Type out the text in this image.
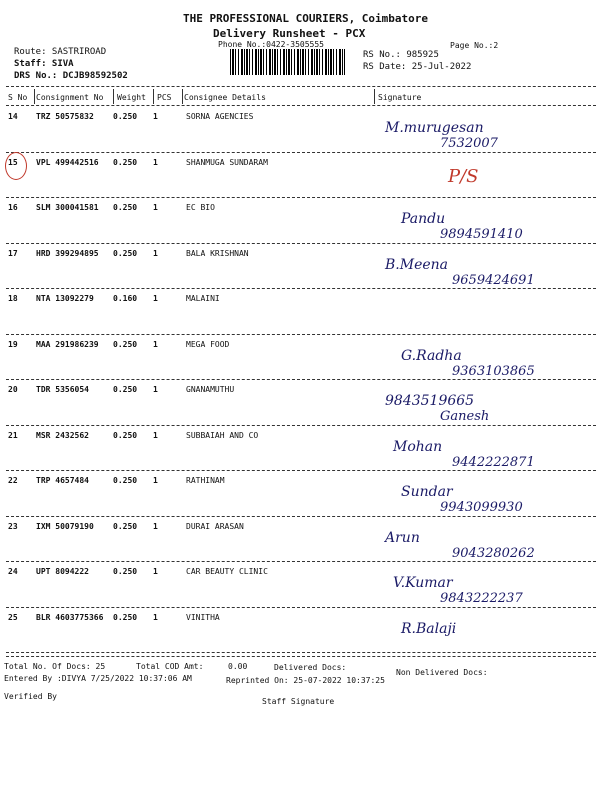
THE PROFESSIONAL COURIERS, Coimbatore
Delivery Runsheet - PCX
Phone No.:0422-3505555	Page No.:2
Route: SASTRIROAD
Staff: SIVA
DRS No.: DCJB98592502
RS No.: 985925
RS Date: 25-Jul-2022
S No Consignment No Weight PCS Consignee Details	Signature
14 TRZ 50575832 0.250 1	SORNA AGENCIES
M.murugesan
7532007
15 VPL 499442516 0.250 1	SHANMUGA SUNDARAM
P/S
16 SLM 300041581 0.250 1	EC BIO
Pandu
9894591410
17 HRD 399294895 0.250 1	BALA KRISHNAN
B.Meena
9659424691
18 NTA 13092279 0.160 1	MALAINI
19 MAA 291986239 0.250 1	MEGA FOOD
G.Radha
9363103865
20 TDR 5356054	0.250 1	GNANAMUTHU
9843519665
Ganesh
21 MSR 2432562	0.250 1	SUBBAIAH AND CO
Mohan
9442222871
22 TRP 4657484	0.250 1	RATHINAM
Sundar
9943099930
23 IXM 50079190 0.250 1	DURAI ARASAN
Arun
9043280262
24 UPT 8094222	0.250 1	CAR BEAUTY CLINIC
V.Kumar
9843222237
25 BLR 4603775366 0.250 1	VINITHA
R.Balaji
Total No. Of Docs: 25	Total COD Amt:	0.00	Delivered Docs:
Non Delivered Docs:
Entered By :DIVYA 7/25/2022 10:37:06 AM	Reprinted On: 25-07-2022 10:37:25
Verified By
Staff Signature
